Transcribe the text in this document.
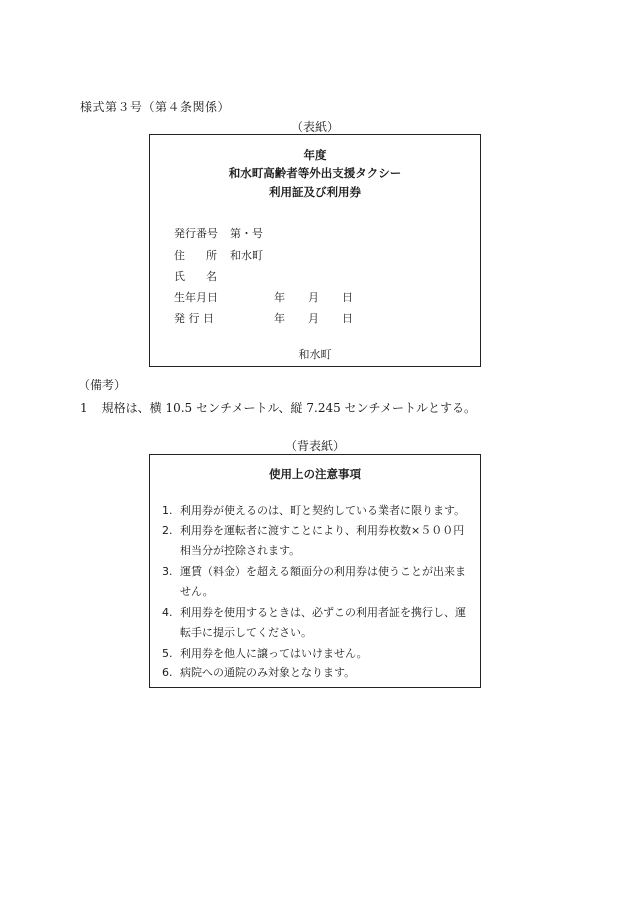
様式第３号（第４条関係）
（表紙）
年度
和水町高齢者等外出支援タクシー
利用証及び利用券
発行番号 第・号
住 所 和水町
氏 名
生年月日	年 月 日
発 行 日	年 月 日
和水町
（備考）
1 規格は、横 10.5 センチメートル、縦 7.245 センチメートルとする。
（背表紙）
使用上の注意事項
1. 利用券が使えるのは、町と契約している業者に限ります。
2. 利用券を運転者に渡すことにより、利用券枚数×５００円
相当分が控除されます。
3. 運賃（料金）を超える額面分の利用券は使うことが出来ま
せん。
4. 利用券を使用するときは、必ずこの利用者証を携行し、運
転手に提示してください。
5. 利用券を他人に譲ってはいけません。
6. 病院への通院のみ対象となります。
